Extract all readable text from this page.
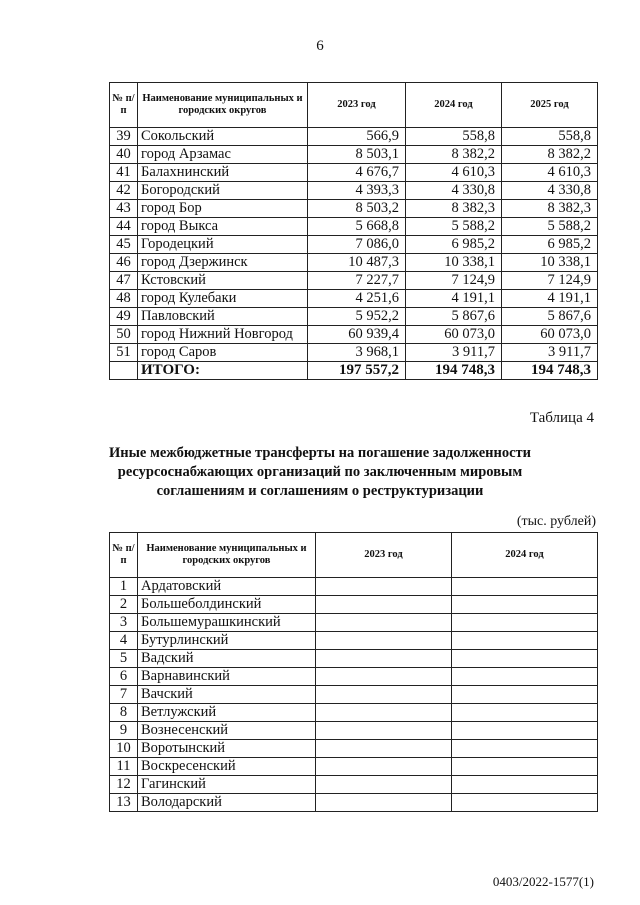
6
№ п/п	Наименование муниципальных и городских округов	2023 год	2024 год	2025 год
39	Сокольский	566,9	558,8	558,8
40	город Арзамас	8 503,1	8 382,2	8 382,2
41	Балахнинский	4 676,7	4 610,3	4 610,3
42	Богородский	4 393,3	4 330,8	4 330,8
43	город Бор	8 503,2	8 382,3	8 382,3
44	город Выкса	5 668,8	5 588,2	5 588,2
45	Городецкий	7 086,0	6 985,2	6 985,2
46	город Дзержинск	10 487,3	10 338,1	10 338,1
47	Кстовский	7 227,7	7 124,9	7 124,9
48	город Кулебаки	4 251,6	4 191,1	4 191,1
49	Павловский	5 952,2	5 867,6	5 867,6
50	город Нижний Новгород	60 939,4	60 073,0	60 073,0
51	город Саров	3 968,1	3 911,7	3 911,7
	ИТОГО:	197 557,2	194 748,3	194 748,3
Таблица 4
Иные межбюджетные трансферты на погашение задолженности ресурсоснабжающих организаций по заключенным мировым соглашениям и соглашениям о реструктуризации
(тыс. рублей)
№ п/п	Наименование муниципальных и городских округов	2023 год	2024 год
1	Ардатовский		
2	Большеболдинский		
3	Большемурашкинский		
4	Бутурлинский		
5	Вадский		
6	Варнавинский		
7	Вачский		
8	Ветлужский		
9	Вознесенский		
10	Воротынский		
11	Воскресенский		
12	Гагинский		
13	Володарский		
0403/2022-1577(1)
